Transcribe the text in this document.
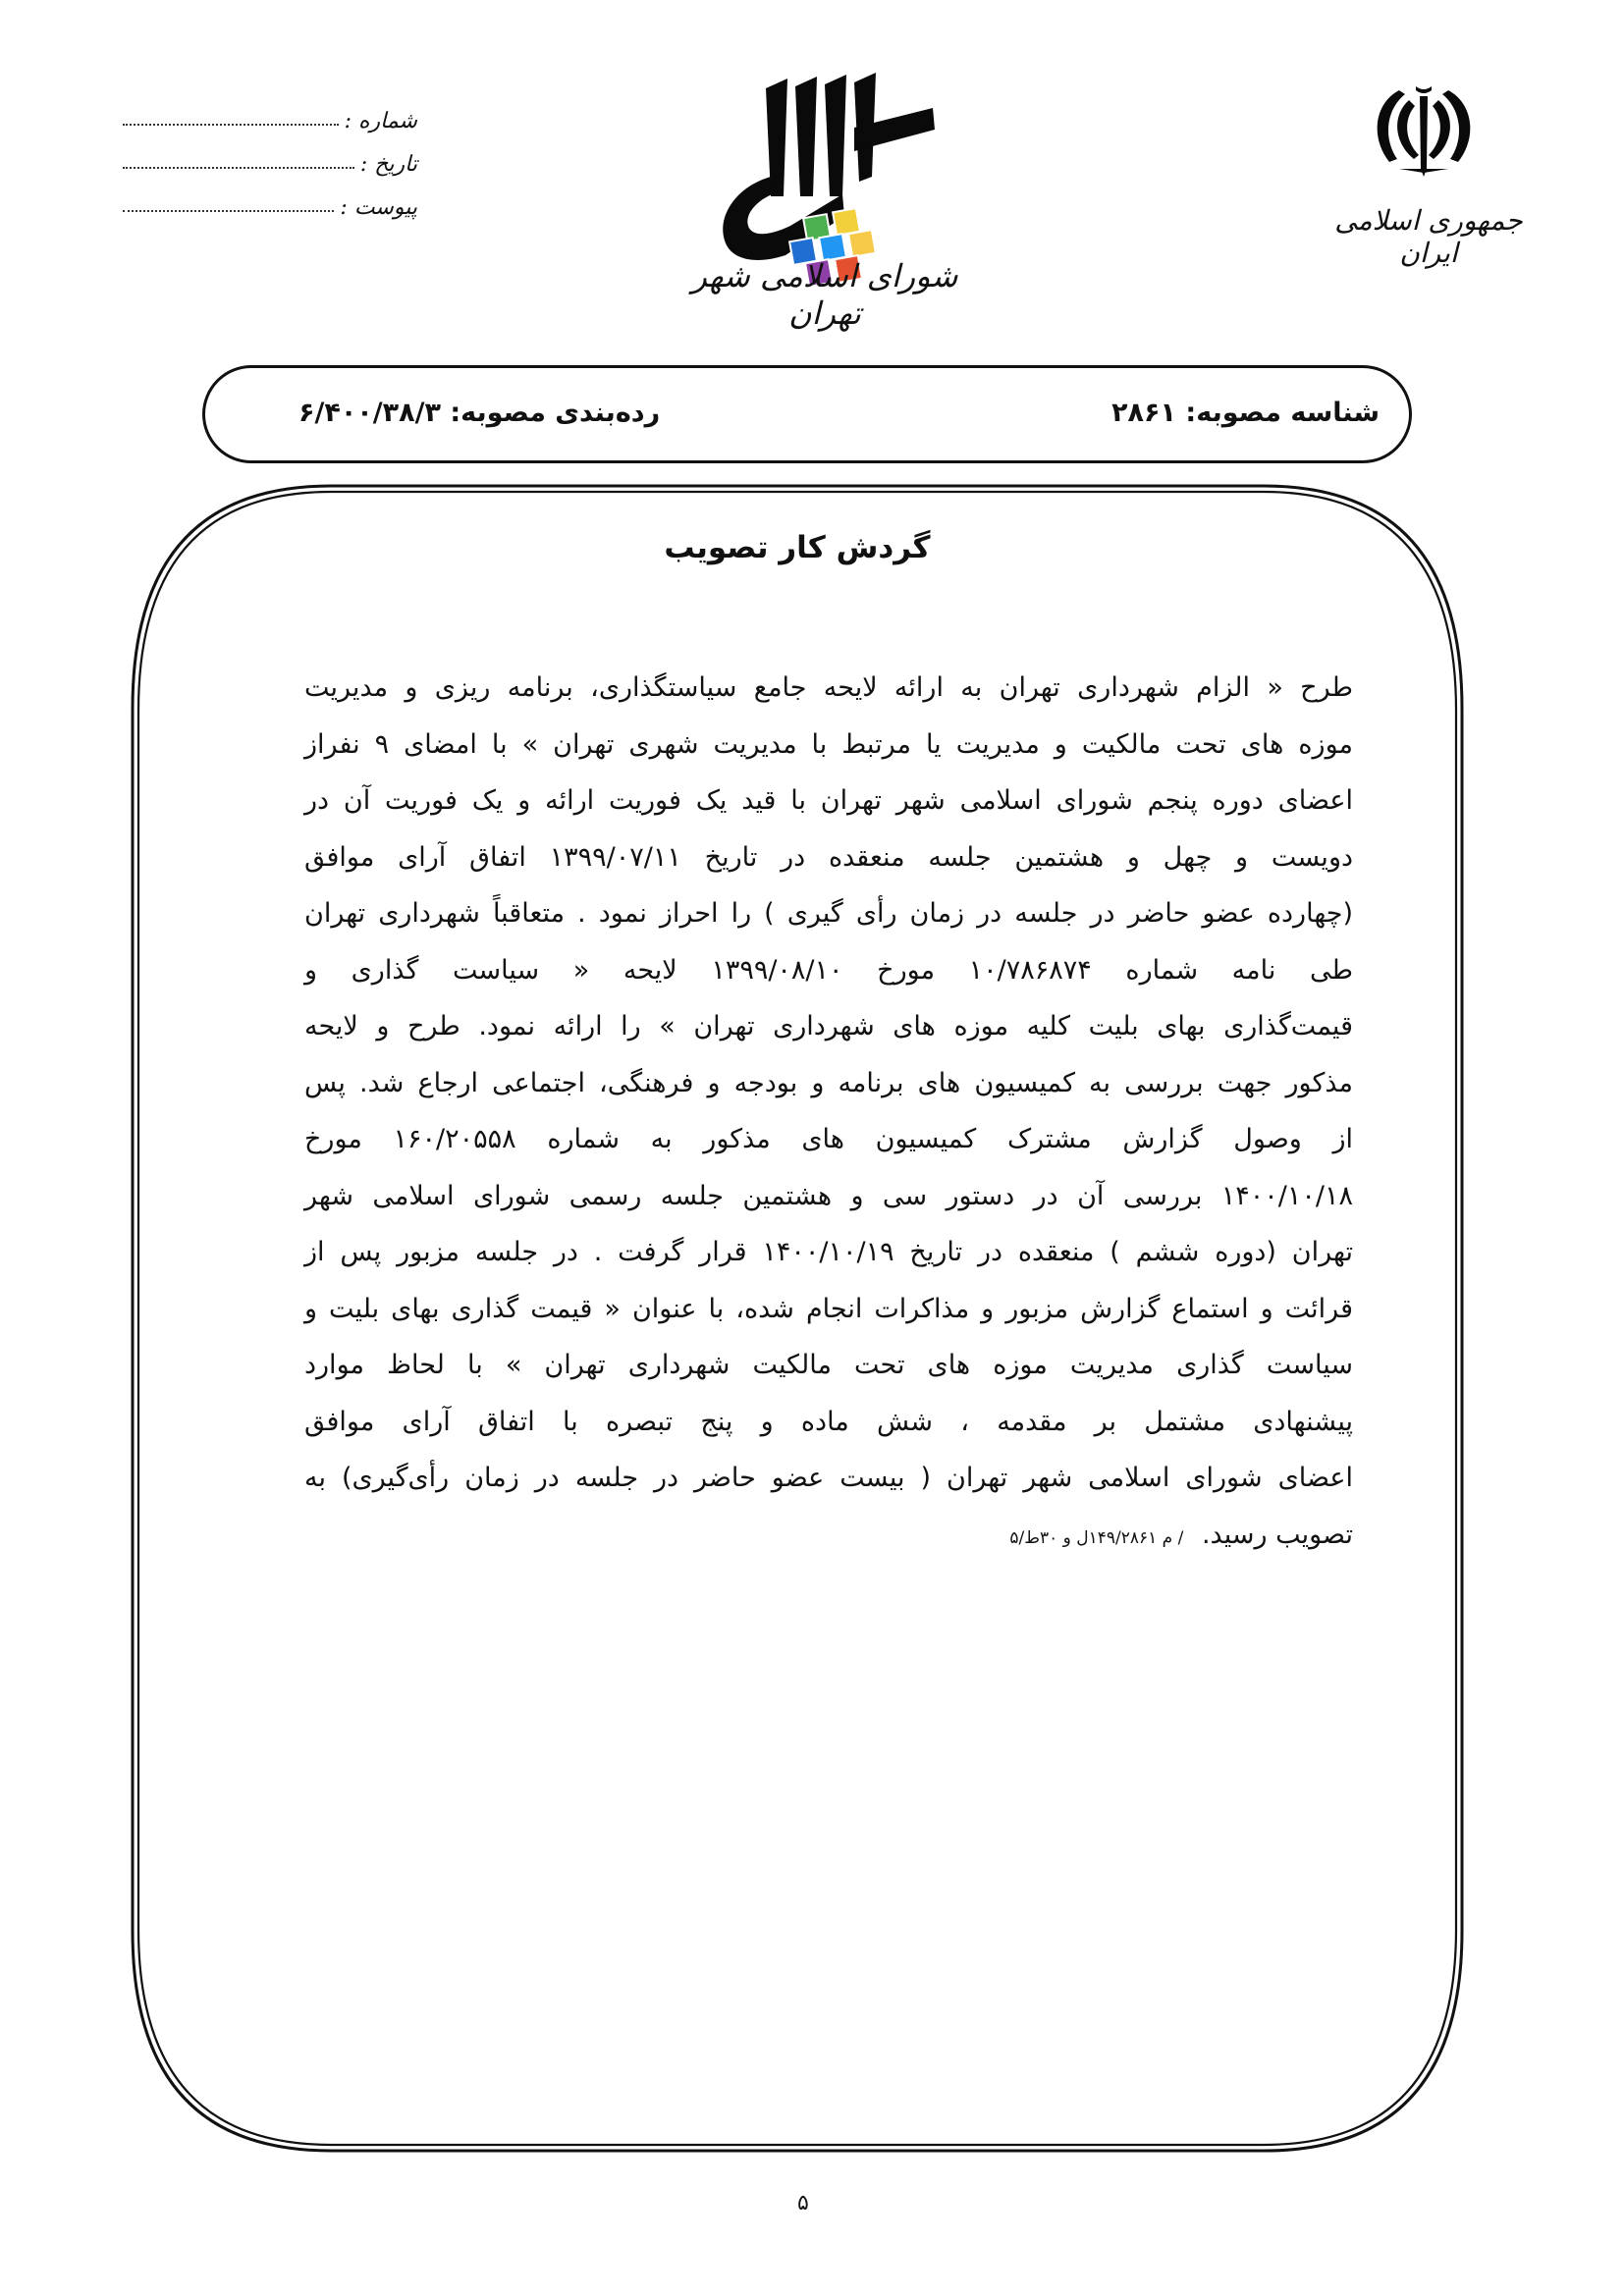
شماره :
تاریخ :
پیوست :
شورای اسلامی شهر تهران
جمهوری اسلامی ایران
شناسه مصوبه: ۲۸۶۱
رده‌بندی مصوبه: ۶/۴۰۰/۳۸/۳
گردش کار تصویب
طرح « الزام شهرداری تهران به ارائه لایحه جامع سیاستگذاری، برنامه ریزی و مدیریت
موزه های تحت مالکیت و مدیریت یا مرتبط با مدیریت شهری تهران » با امضای ۹ نفراز
اعضای دوره پنجم شورای اسلامی شهر تهران با قید یک فوریت ارائه و یک فوریت آن در
دویست و چهل و هشتمین جلسه منعقده در تاریخ ۱۳۹۹/۰۷/۱۱ اتفاق آرای موافق
(چهارده عضو حاضر در جلسه در زمان رأی گیری ) را احراز نمود . متعاقباً شهرداری تهران
طی نامه شماره ۱۰/۷۸۶۸۷۴ مورخ ۱۳۹۹/۰۸/۱۰ لایحه « سیاست گذاری و
قیمت‌گذاری بهای بلیت کلیه موزه های شهرداری تهران » را ارائه نمود. طرح و لایحه
مذکور جهت بررسی به کمیسیون های برنامه و بودجه و فرهنگی، اجتماعی ارجاع شد. پس
از وصول گزارش مشترک کمیسیون های مذکور به شماره ۱۶۰/۲۰۵۵۸ مورخ
۱۴۰۰/۱۰/۱۸ بررسی آن در دستور سی و هشتمین جلسه رسمی شورای اسلامی شهر
تهران (دوره ششم ) منعقده در تاریخ ۱۴۰۰/۱۰/۱۹ قرار گرفت . در جلسه مزبور پس از
قرائت و استماع گزارش مزبور و مذاکرات انجام شده، با عنوان « قیمت گذاری بهای بلیت و
سیاست گذاری مدیریت موزه های تحت مالکیت شهرداری تهران » با لحاظ موارد
پیشنهادی مشتمل بر مقدمه ، شش ماده و پنج تبصره با اتفاق آرای موافق
اعضای شورای اسلامی شهر تهران ( بیست عضو حاضر در جلسه در زمان رأی‌گیری) به
تصویب رسید. / م ۱۴۹/۲۸۶۱ل و ۳۰ط/۵
۵
